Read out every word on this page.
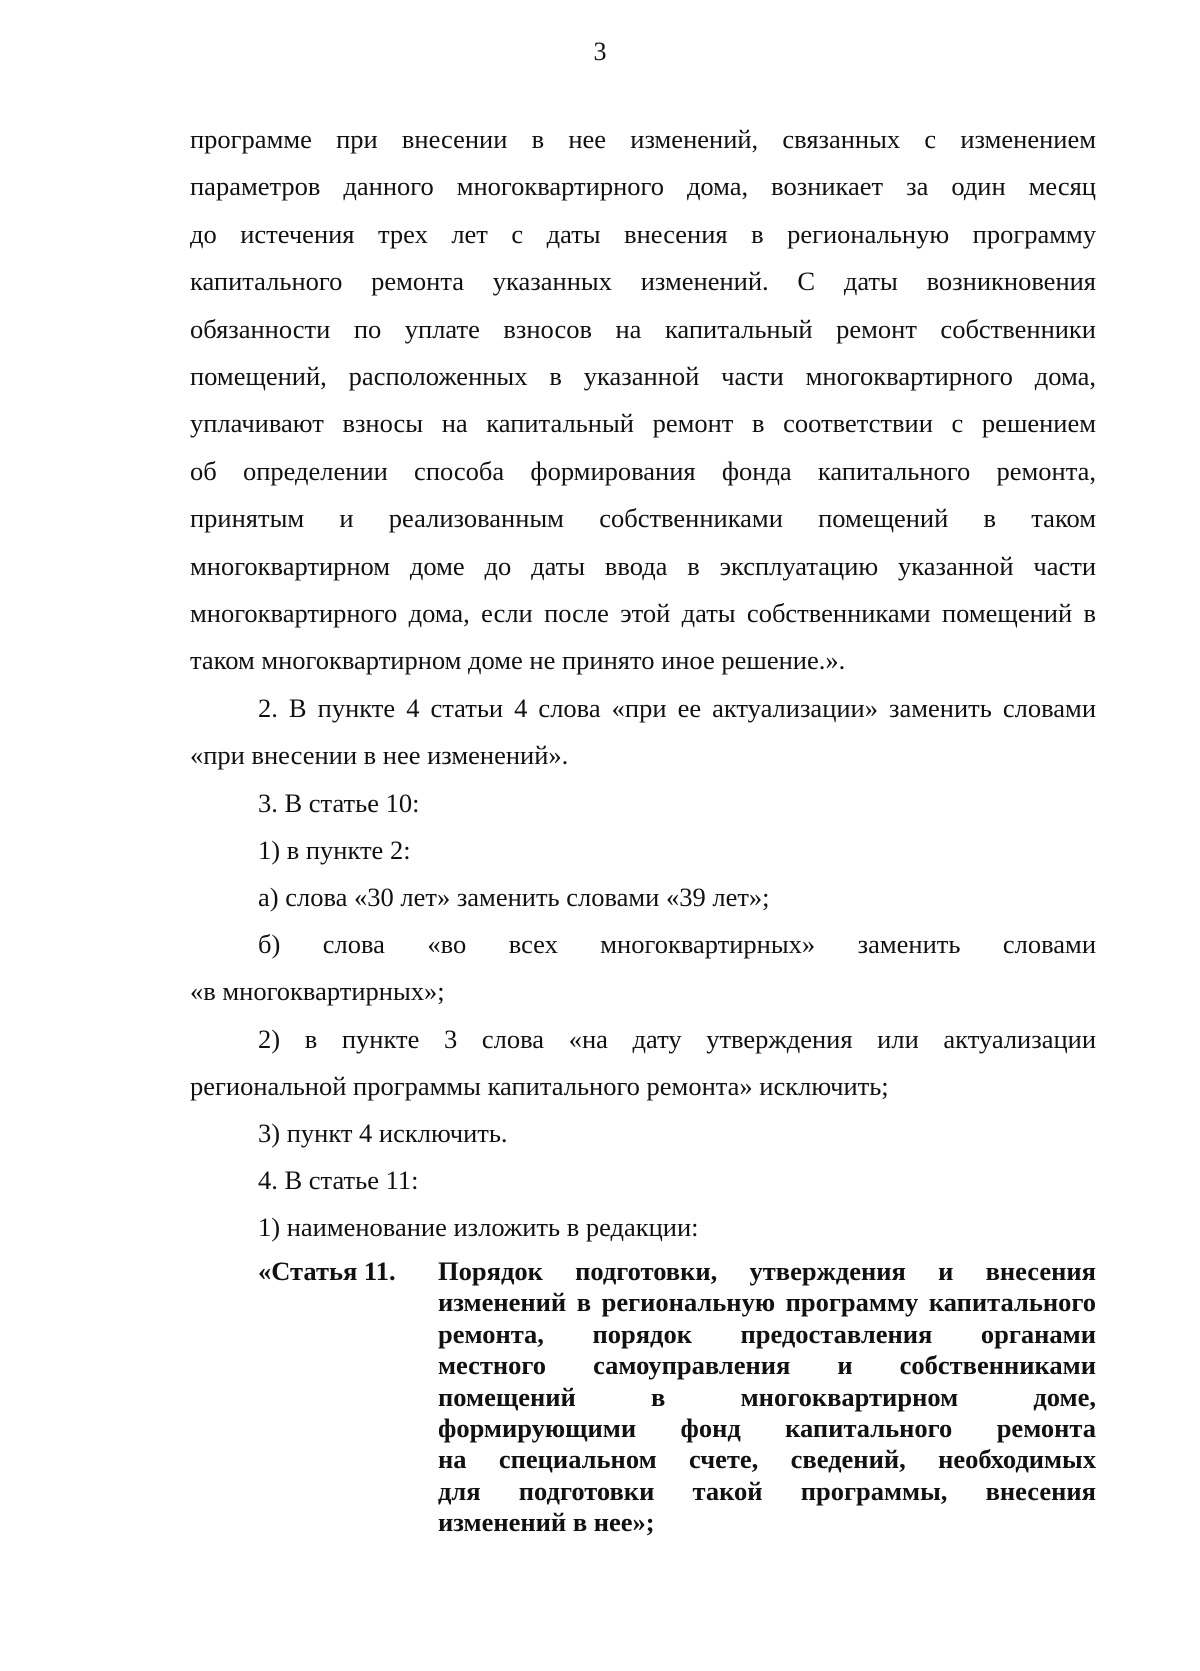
3
программе при внесении в нее изменений, связанных с изменением
параметров данного многоквартирного дома, возникает за один месяц
до истечения трех лет с даты внесения в региональную программу
капитального ремонта указанных изменений. С даты возникновения
обязанности по уплате взносов на капитальный ремонт собственники
помещений, расположенных в указанной части многоквартирного дома,
уплачивают взносы на капитальный ремонт в соответствии с решением
об определении способа формирования фонда капитального ремонта,
принятым и реализованным собственниками помещений в таком
многоквартирном доме до даты ввода в эксплуатацию указанной части
многоквартирного дома, если после этой даты собственниками помещений в
таком многоквартирном доме не принято иное решение.».
2. В пункте 4 статьи 4 слова «при ее актуализации» заменить словами
«при внесении в нее изменений».
3. В статье 10:
1) в пункте 2:
а) слова «30 лет» заменить словами «39 лет»;
б) слова «во всех многоквартирных» заменить словами
«в многоквартирных»;
2) в пункте 3 слова «на дату утверждения или актуализации
региональной программы капитального ремонта» исключить;
3) пункт 4 исключить.
4. В статье 11:
1) наименование изложить в редакции:
«Статья 11. Порядок подготовки, утверждения и внесения
изменений в региональную программу капитального
ремонта, порядок предоставления органами
местного самоуправления и собственниками
помещений в многоквартирном доме,
формирующими фонд капитального ремонта
на специальном счете, сведений, необходимых
для подготовки такой программы, внесения
изменений в нее»;
